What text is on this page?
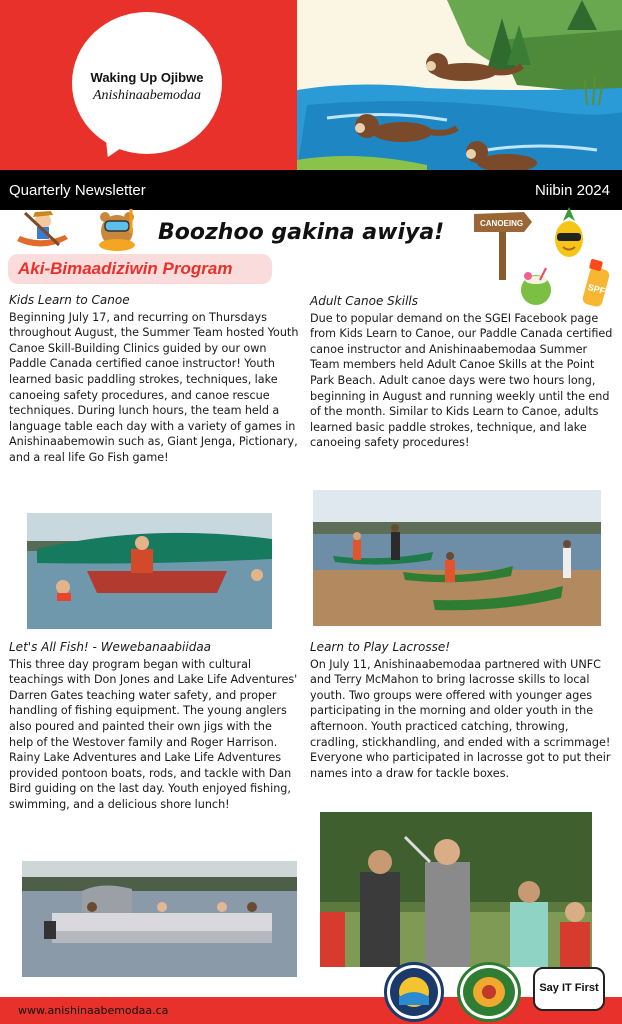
Waking Up Ojibwe
Anishinaabemodaa
Quarterly Newsletter	Niibin 2024
Boozhoo gakina awiya!	CANOEING
SPF
Aki-Bimaadiziwin Program
Kids Learn to Canoe

Beginning July 17, and recurring on Thursdays throughout August, the Summer Team hosted Youth Canoe Skill-Building Clinics guided by our own Paddle Canada certified canoe instructor! Youth learned basic paddling strokes, techniques, lake canoeing safety procedures, and canoe rescue techniques. During lunch hours, the team held a language table each day with a variety of games in Anishinaabemowin such as, Giant Jenga, Pictionary, and a real life Go Fish game!

Adult Canoe Skills

Due to popular demand on the SGEI Facebook page from Kids Learn to Canoe, our Paddle Canada certified canoe instructor and Anishinaabemodaa Summer Team members held Adult Canoe Skills at the Point Park Beach. Adult canoe days were two hours long, beginning in August and running weekly until the end of the month. Similar to Kids Learn to Canoe, adults learned basic paddle strokes, technique, and lake canoeing safety procedures!

Let's All Fish! - Wewebanaabiidaa

This three day program began with cultural teachings with Don Jones and Lake Life Adventures' Darren Gates teaching water safety, and proper handling of fishing equipment. The young anglers also poured and painted their own jigs with the help of the Westover family and Roger Harrison. Rainy Lake Adventures and Lake Life Adventures provided pontoon boats, rods, and tackle with Dan Bird guiding on the last day. Youth enjoyed fishing, swimming, and a delicious shore lunch!

Learn to Play Lacrosse!

On July 11, Anishinaabemodaa partnered with UNFC and Terry McMahon to bring lacrosse skills to local youth. Two groups were offered with younger ages participating in the morning and older youth in the afternoon. Youth practiced catching, throwing, cradling, stickhandling, and ended with a scrimmage! Everyone who participated in lacrosse got to put their names into a draw for tackle boxes.

www.anishinaabemodaa.ca
Say IT First
